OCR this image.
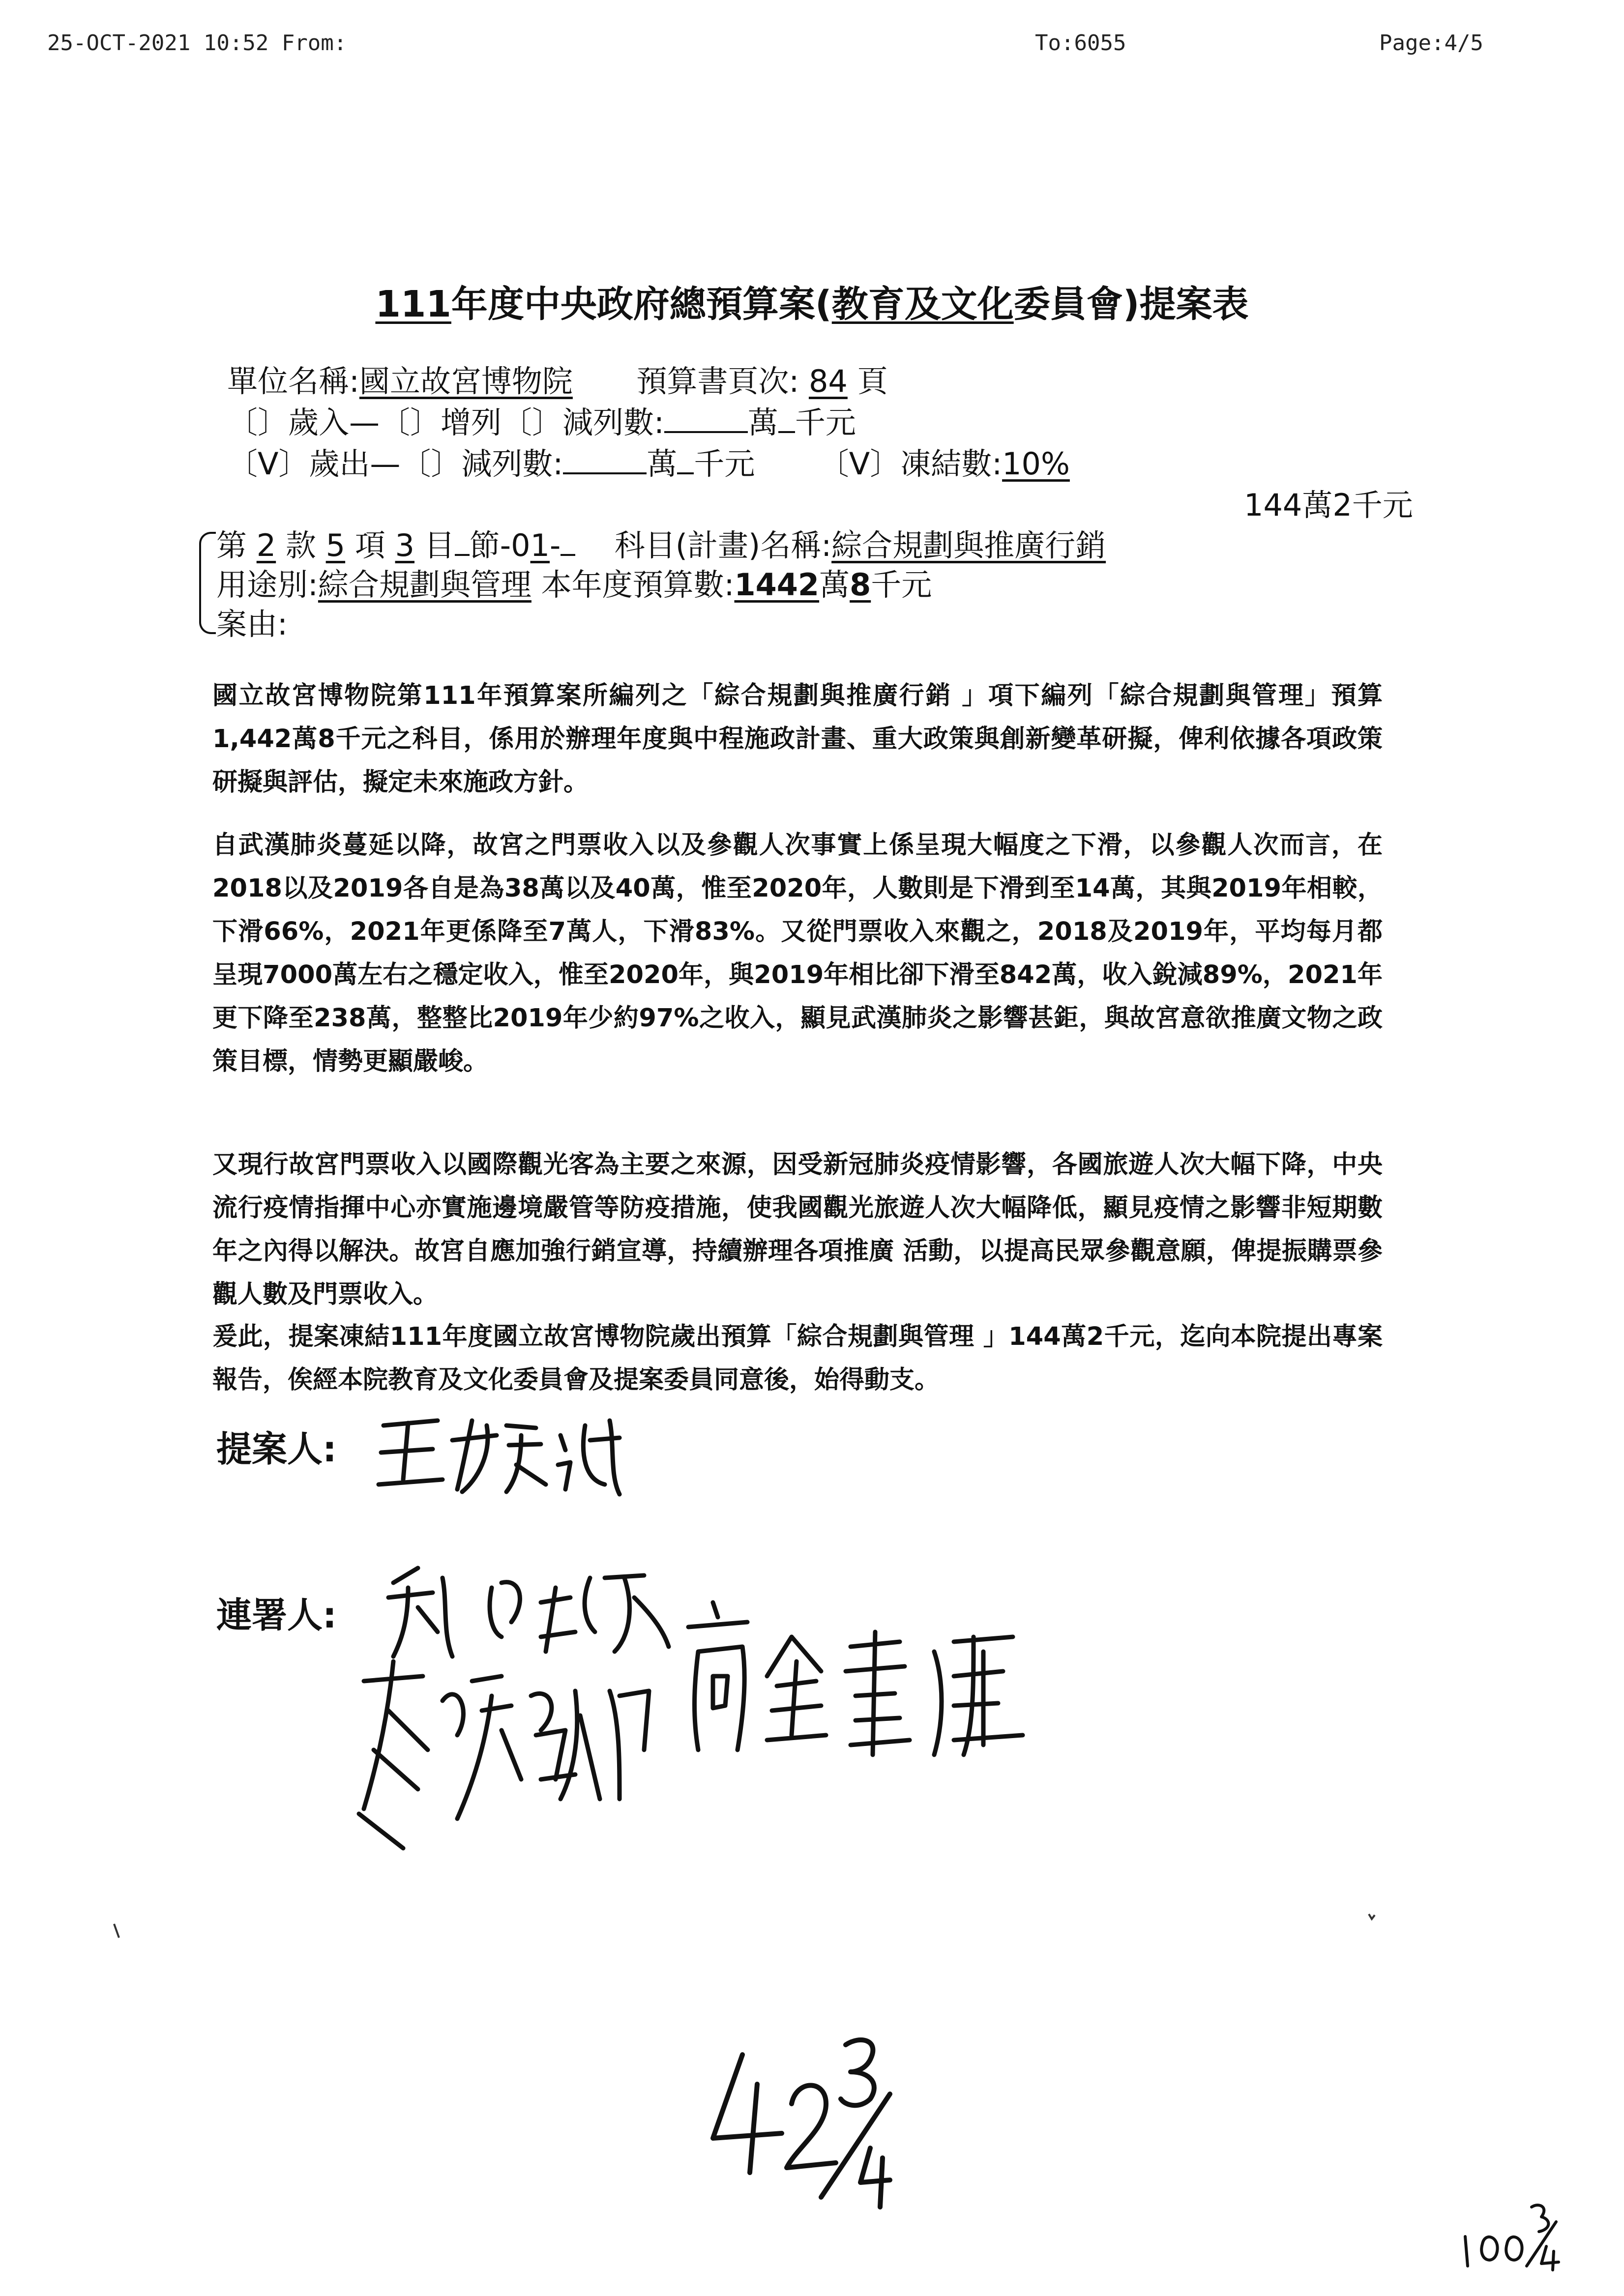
25-OCT-2021 10:52 From:	To:6055	Page:4/5
111年度中央政府總預算案(教育及文化委員會)提案表
單位名稱:國立故宮博物院 預算書頁次: 84 頁
〔〕歲入—〔〕增列〔〕減列數:	萬 千元
〔V〕歲出—〔〕減列數:	萬 千元 〔V〕凍結數:10%
144萬2千元
第 2 款 5 項 3 目 節-01- 科目(計畫)名稱:綜合規劃與推廣行銷
用途別:綜合規劃與管理 本年度預算數:1442萬8千元
案由:
國立故宮博物院第111年預算案所編列之「綜合規劃與推廣行銷 」項下編列「綜合規劃與管理」預算1,442萬8千元之科目，係用於辦理年度與中程施政計畫、重大政策與創新變革研擬，俾利依據各項政策研擬與評估，擬定未來施政方針。
自武漢肺炎蔓延以降，故宮之門票收入以及參觀人次事實上係呈現大幅度之下滑，以參觀人次而言，在2018以及2019各自是為38萬以及40萬，惟至2020年，人數則是下滑到至14萬，其與2019年相較，下滑66%，2021年更係降至7萬人，下滑83%。又從門票收入來觀之，2018及2019年，平均每月都呈現7000萬左右之穩定收入，惟至2020年，與2019年相比卻下滑至842萬，收入銳減89%，2021年更下降至238萬，整整比2019年少約97%之收入，顯見武漢肺炎之影響甚鉅，與故宮意欲推廣文物之政策目標，情勢更顯嚴峻。
又現行故宮門票收入以國際觀光客為主要之來源，因受新冠肺炎疫情影響，各國旅遊人次大幅下降，中央流行疫情指揮中心亦實施邊境嚴管等防疫措施，使我國觀光旅遊人次大幅降低，顯見疫情之影響非短期數年之內得以解決。故宮自應加強行銷宣導，持續辦理各項推廣 活動，以提高民眾參觀意願，俾提振購票參觀人數及門票收入。
爰此，提案凍結111年度國立故宮博物院歲出預算「綜合規劃與管理 」144萬2千元，迄向本院提出專案報告，俟經本院教育及文化委員會及提案委員同意後，始得動支。
提案人:
連署人:
